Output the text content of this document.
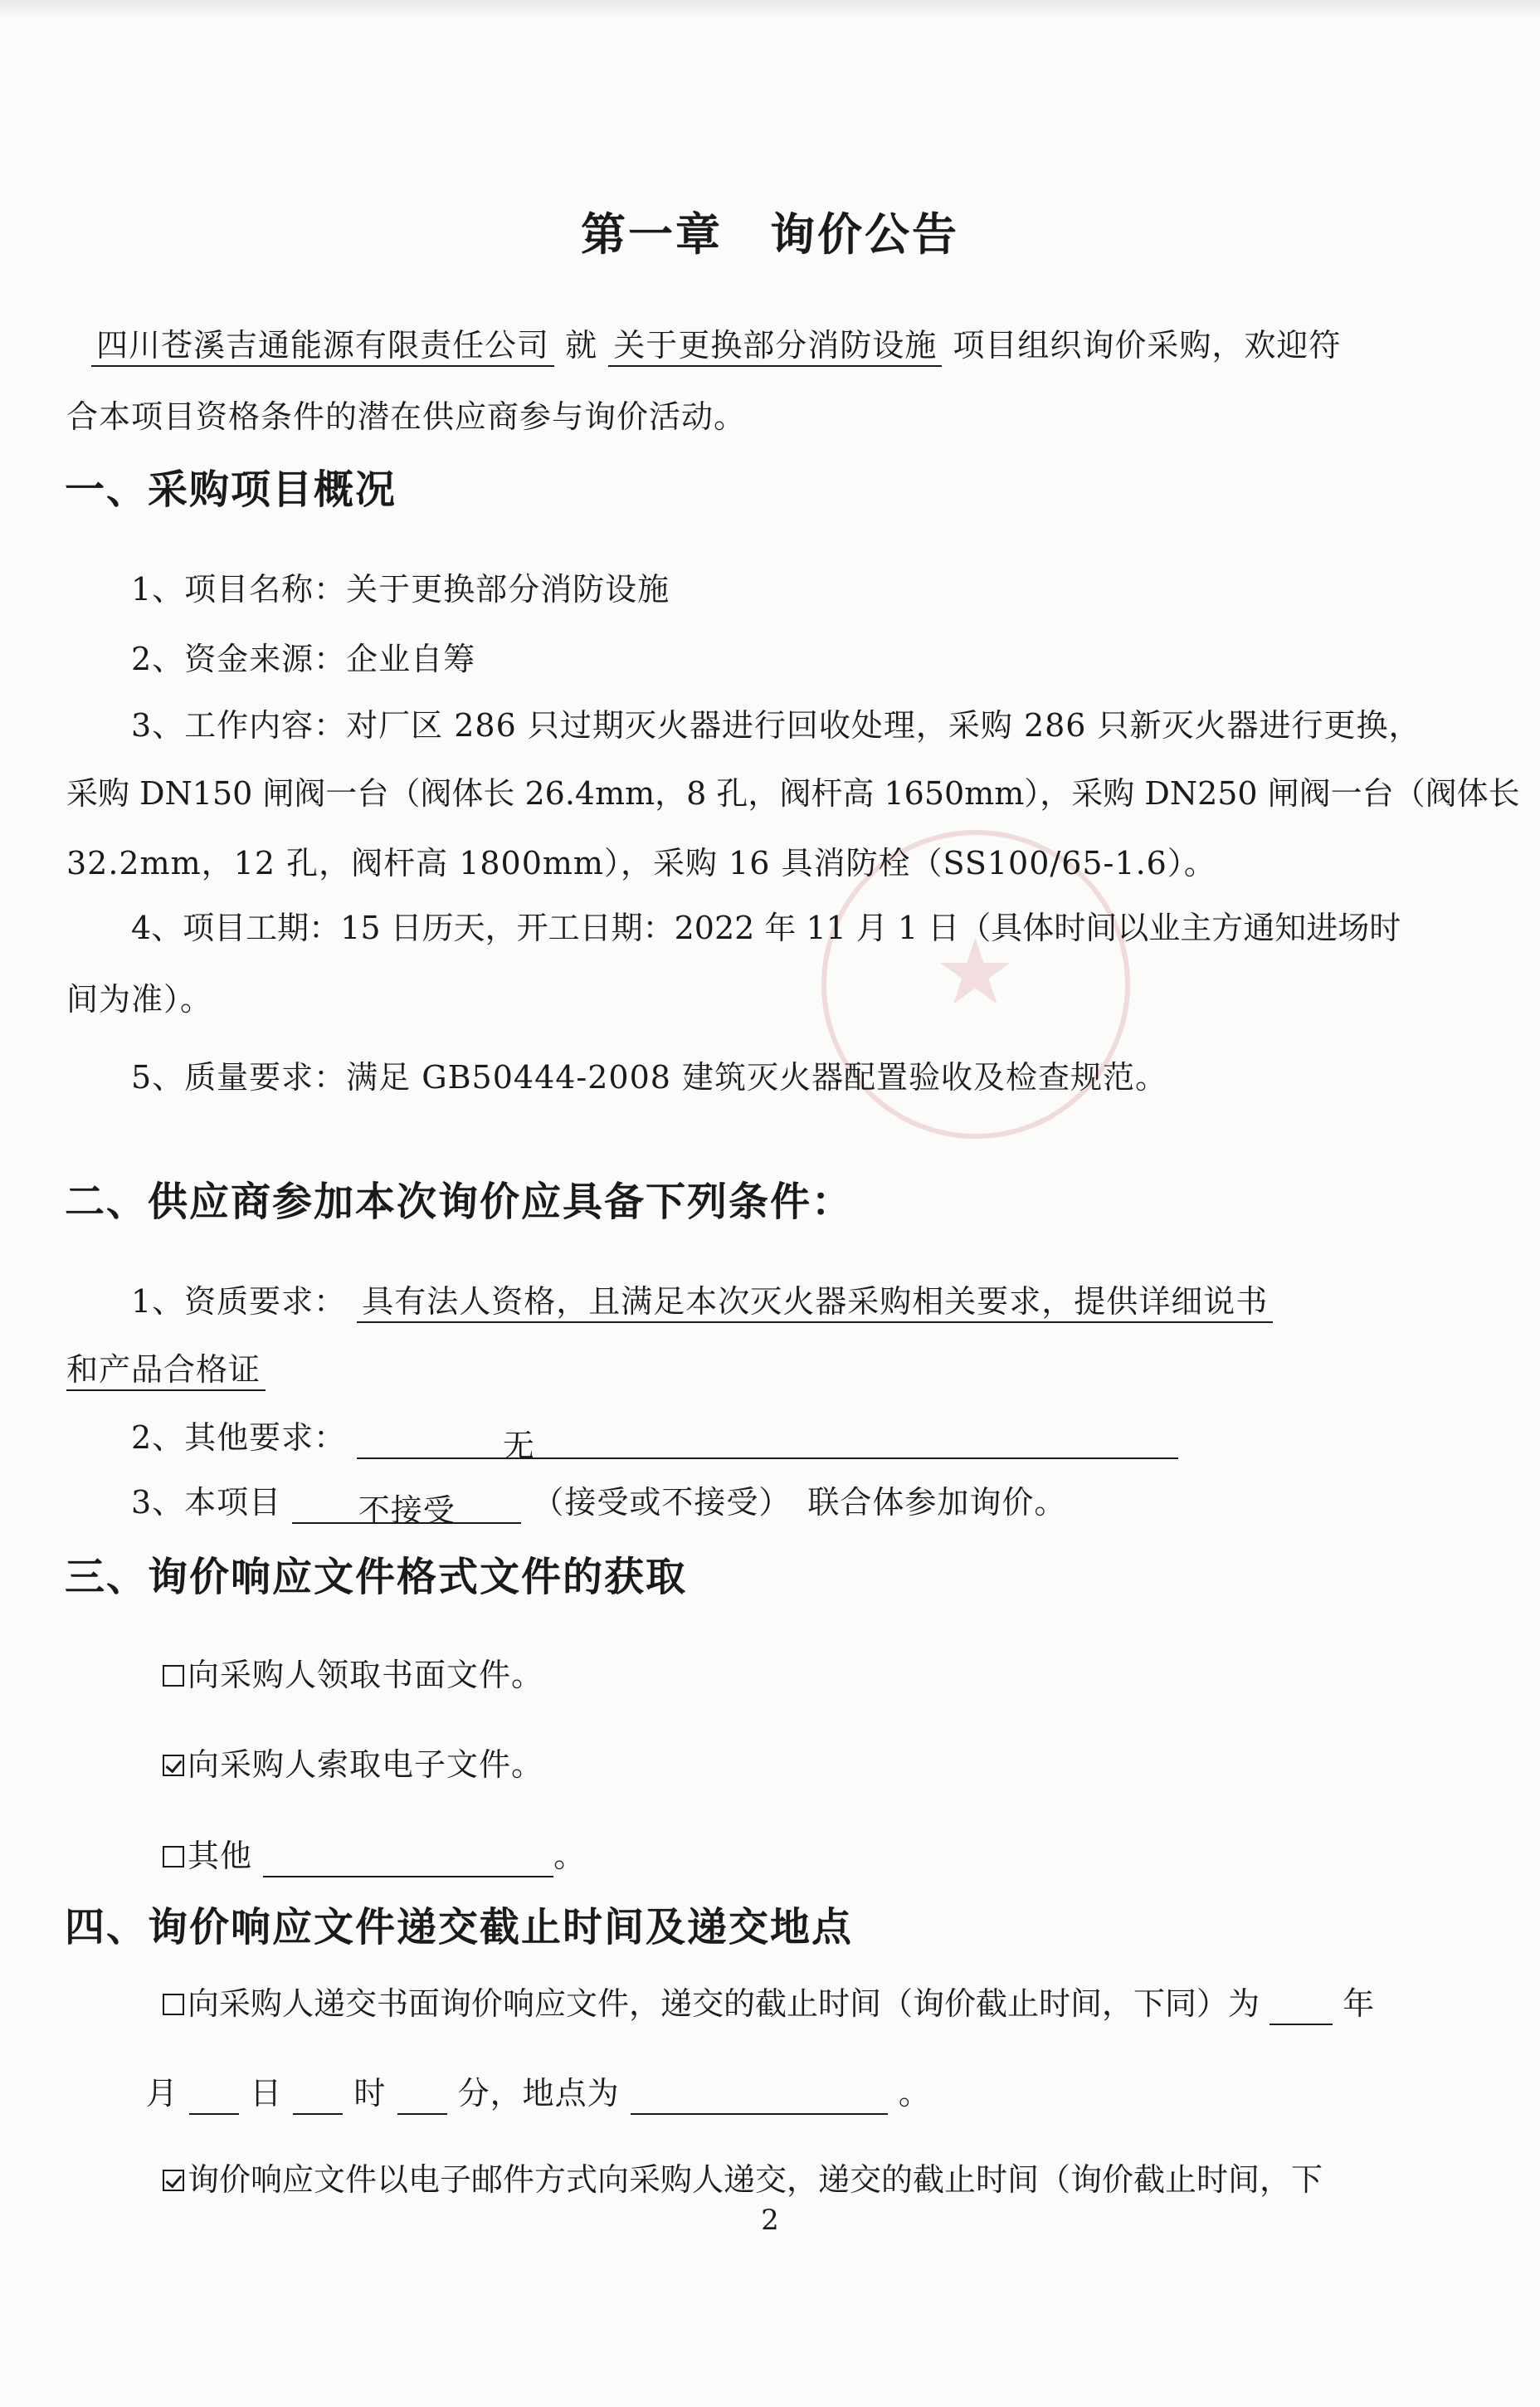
★
第一章　询价公告
四川苍溪吉通能源有限责任公司 就 关于更换部分消防设施 项目组织询价采购，欢迎符
合本项目资格条件的潜在供应商参与询价活动。
一、采购项目概况
1、项目名称：关于更换部分消防设施
2、资金来源：企业自筹
3、工作内容：对厂区 286 只过期灭火器进行回收处理，采购 286 只新灭火器进行更换，
采购 DN150 闸阀一台（阀体长 26.4mm，8 孔，阀杆高 1650mm），采购 DN250 闸阀一台（阀体长
32.2mm，12 孔，阀杆高 1800mm），采购 16 具消防栓（SS100/65-1.6）。
4、项目工期：15 日历天，开工日期：2022 年 11 月 1 日（具体时间以业主方通知进场时
间为准）。
5、质量要求：满足 GB50444-2008 建筑灭火器配置验收及检查规范。
二、供应商参加本次询价应具备下列条件：
1、资质要求： 具有法人资格，且满足本次灭火器采购相关要求，提供详细说书
和产品合格证
2、其他要求：	无
3、本项目 不接受 （接受或不接受）　联合体参加询价。
三、询价响应文件格式文件的获取
向采购人领取书面文件。
向采购人索取电子文件。
其他	。
四、询价响应文件递交截止时间及递交地点
向采购人递交书面询价响应文件，递交的截止时间（询价截止时间，下同）为	年
月 日 时 分，地点为	。
询价响应文件以电子邮件方式向采购人递交，递交的截止时间（询价截止时间，下
2
